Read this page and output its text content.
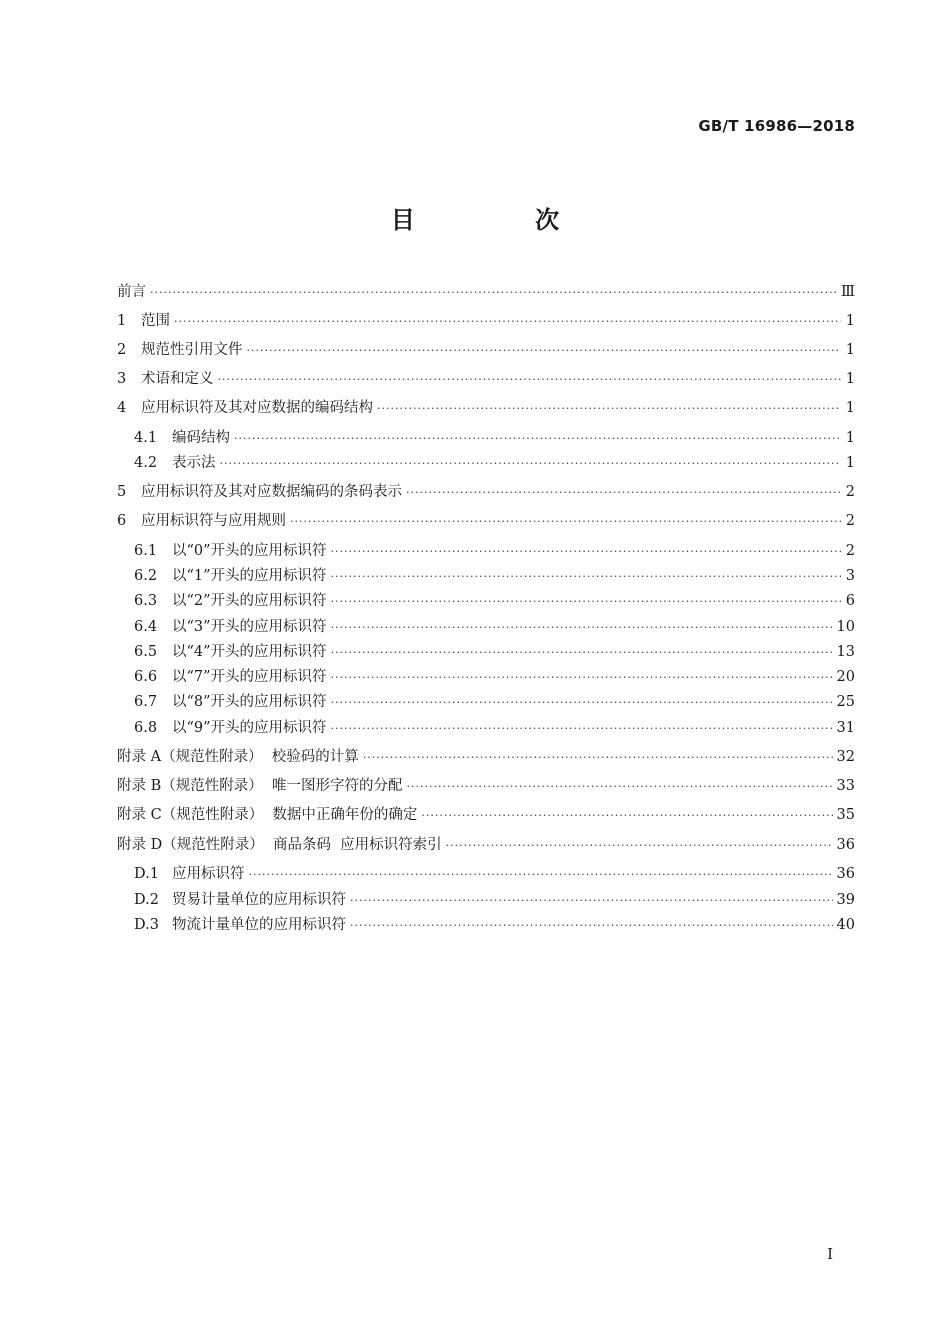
GB/T 16986—2018
目 次
前言 ·····	Ⅲ
1	范围 ·····	1
2	规范性引用文件 ·····	1
3	术语和定义 ·····	1
4	应用标识符及其对应数据的编码结构 ·····	1
4.1	编码结构 ·····	1
4.2	表示法 ·····	1
5	应用标识符及其对应数据编码的条码表示 ·····	2
6	应用标识符与应用规则 ·····	2
6.1	以“0”开头的应用标识符 ·····	2
6.2	以“1”开头的应用标识符 ·····	3
6.3	以“2”开头的应用标识符 ·····	6
6.4	以“3”开头的应用标识符 ·····	10
6.5	以“4”开头的应用标识符 ·····	13
6.6	以“7”开头的应用标识符 ·····	20
6.7	以“8”开头的应用标识符 ·····	25
6.8	以“9”开头的应用标识符 ·····	31
附录 A（规范性附录）  校验码的计算 ·····	32
附录 B（规范性附录）  唯一图形字符的分配 ·····	33
附录 C（规范性附录）  数据中正确年份的确定 ·····	35
附录 D（规范性附录）  商品条码  应用标识符索引 ·····	36
D.1 应用标识符 ·····	36
D.2 贸易计量单位的应用标识符 ·····	39
D.3 物流计量单位的应用标识符 ·····	40
I
